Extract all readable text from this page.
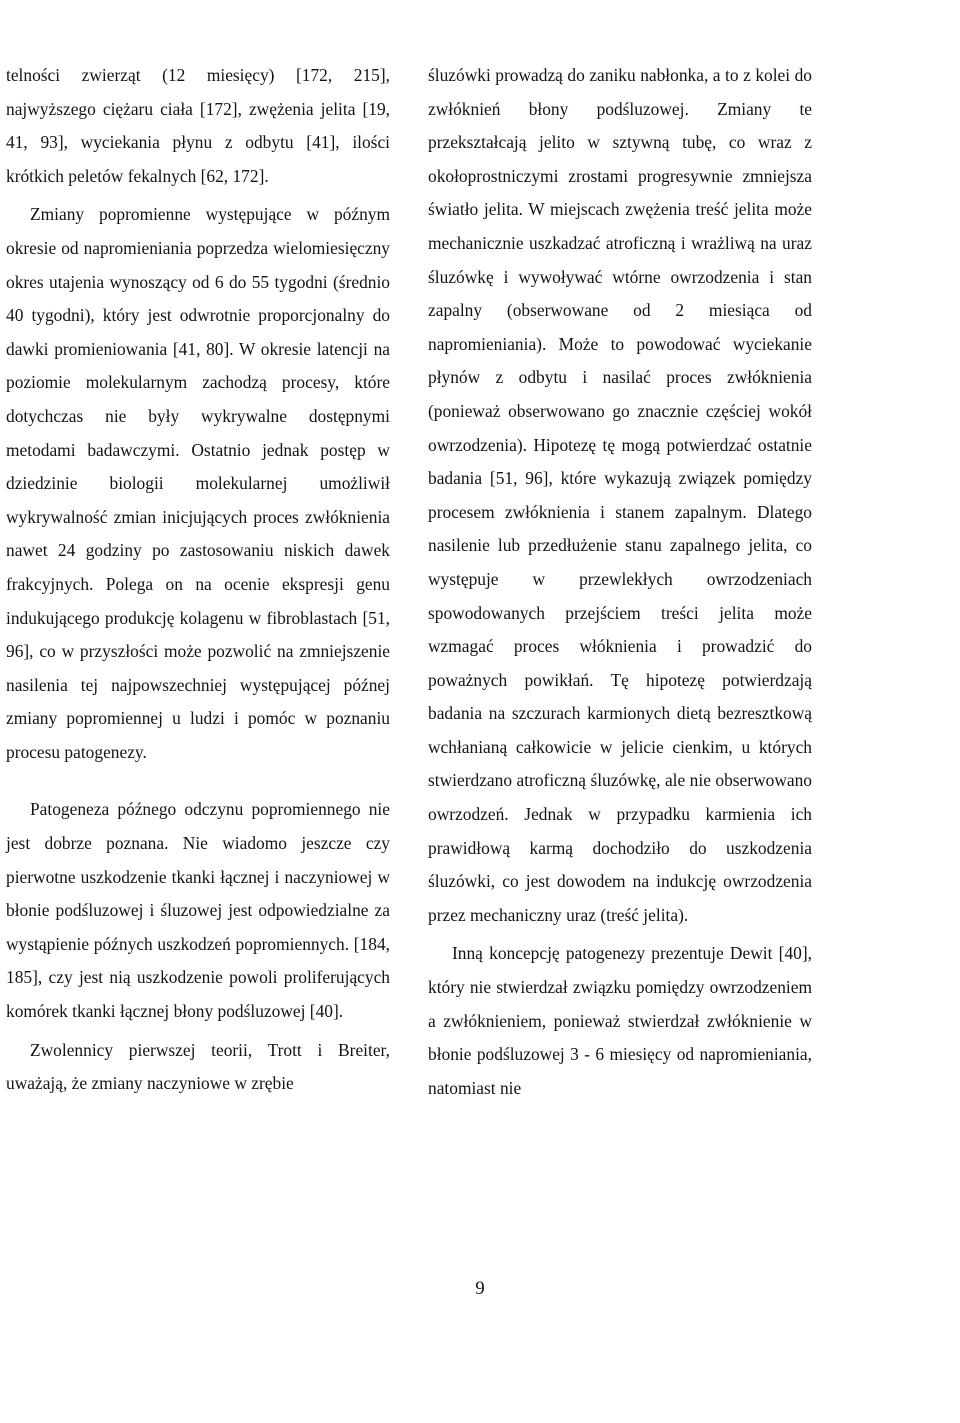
telności zwierząt (12 miesięcy) [172, 215], najwyższego ciężaru ciała [172], zwężenia jelita [19, 41, 93], wyciekania płynu z odbytu [41], ilości krótkich peletów fekalnych [62, 172].

Zmiany popromienne występujące w późnym okresie od napromieniania poprzedza wielomiesięczny okres utajenia wynoszący od 6 do 55 tygodni (średnio 40 tygodni), który jest odwrotnie proporcjonalny do dawki promieniowania [41, 80]. W okresie latencji na poziomie molekularnym zachodzą procesy, które dotychczas nie były wykrywalne dostępnymi metodami badawczymi. Ostatnio jednak postęp w dziedzinie biologii molekularnej umożliwił wykrywalność zmian inicjujących proces zwłóknienia nawet 24 godziny po zastosowaniu niskich dawek frakcyjnych. Polega on na ocenie ekspresji genu indukującego produkcję kolagenu w fibroblastach [51, 96], co w przyszłości może pozwolić na zmniejszenie nasilenia tej najpowszechniej występującej późnej zmiany popromiennej u ludzi i pomóc w poznaniu procesu patogenezy.

Patogeneza późnego odczynu popromiennego nie jest dobrze poznana. Nie wiadomo jeszcze czy pierwotne uszkodzenie tkanki łącznej i naczyniowej w błonie podśluzowej i śluzowej jest odpowiedzialne za wystąpienie późnych uszkodzeń popromiennych. [184, 185], czy jest nią uszkodzenie powoli proliferujących komórek tkanki łącznej błony podśluzowej [40].

Zwolennicy pierwszej teorii, Trott i Breiter, uważają, że zmiany naczyniowe w zrębie

śluzówki prowadzą do zaniku nabłonka, a to z kolei do zwłóknień błony podśluzowej. Zmiany te przekształcają jelito w sztywną tubę, co wraz z okołoprostniczymi zrostami progresywnie zmniejsza światło jelita. W miejscach zwężenia treść jelita może mechanicznie uszkadzać atroficzną i wrażliwą na uraz śluzówkę i wywoływać wtórne owrzodzenia i stan zapalny (obserwowane od 2 miesiąca od napromieniania). Może to powodować wyciekanie płynów z odbytu i nasilać proces zwłóknienia (ponieważ obserwowano go znacznie częściej wokół owrzodzenia). Hipotezę tę mogą potwierdzać ostatnie badania [51, 96], które wykazują związek pomiędzy procesem zwłóknienia i stanem zapalnym. Dlatego nasilenie lub przedłużenie stanu zapalnego jelita, co występuje w przewlekłych owrzodzeniach spowodowanych przejściem treści jelita może wzmagać proces włóknienia i prowadzić do poważnych powikłań. Tę hipotezę potwierdzają badania na szczurach karmionych dietą bezresztkową wchłanianą całkowicie w jelicie cienkim, u których stwierdzano atroficzną śluzówkę, ale nie obserwowano owrzodzeń. Jednak w przypadku karmienia ich prawidłową karmą dochodziło do uszkodzenia śluzówki, co jest dowodem na indukcję owrzodzenia przez mechaniczny uraz (treść jelita).

Inną koncepcję patogenezy prezentuje Dewit [40], który nie stwierdzał związku pomiędzy owrzodzeniem a zwłóknieniem, ponieważ stwierdzał zwłóknienie w błonie podśluzowej 3 - 6 miesięcy od napromieniania, natomiast nie

9
